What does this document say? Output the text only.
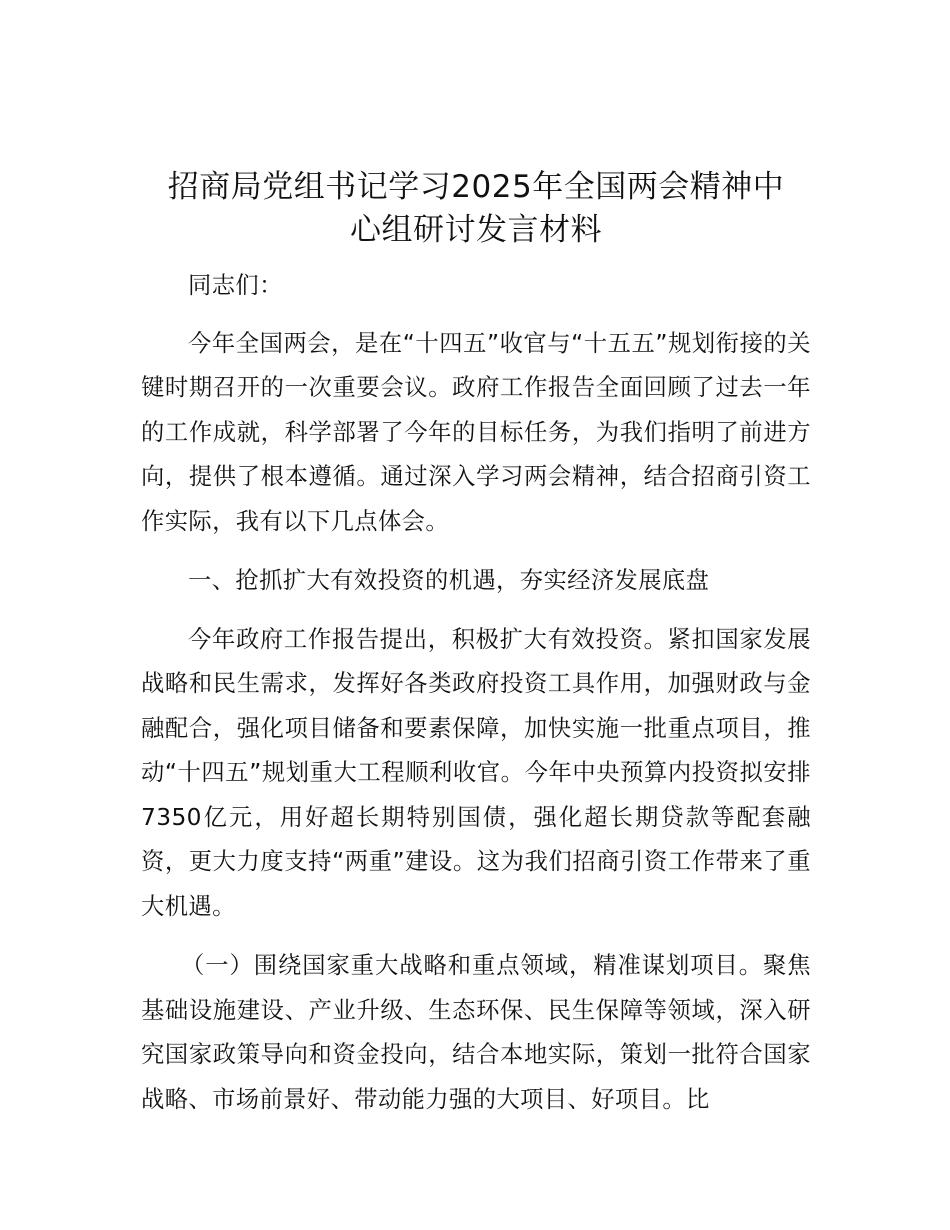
招商局党组书记学习2025年全国两会精神中
心组研讨发言材料

同志们：

今年全国两会，是在“十四五”收官与“十五五”规划衔接的关键时期召开的一次重要会议。政府工作报告全面回顾了过去一年的工作成就，科学部署了今年的目标任务，为我们指明了前进方向，提供了根本遵循。通过深入学习两会精神，结合招商引资工作实际，我有以下几点体会。

一、抢抓扩大有效投资的机遇，夯实经济发展底盘

今年政府工作报告提出，积极扩大有效投资。紧扣国家发展战略和民生需求，发挥好各类政府投资工具作用，加强财政与金融配合，强化项目储备和要素保障，加快实施一批重点项目，推动“十四五”规划重大工程顺利收官。今年中央预算内投资拟安排7350亿元，用好超长期特别国债，强化超长期贷款等配套融资，更大力度支持“两重”建设。这为我们招商引资工作带来了重大机遇。

（一）围绕国家重大战略和重点领域，精准谋划项目。聚焦基础设施建设、产业升级、生态环保、民生保障等领域，深入研究国家政策导向和资金投向，结合本地实际，策划一批符合国家战略、市场前景好、带动能力强的大项目、好项目。比
